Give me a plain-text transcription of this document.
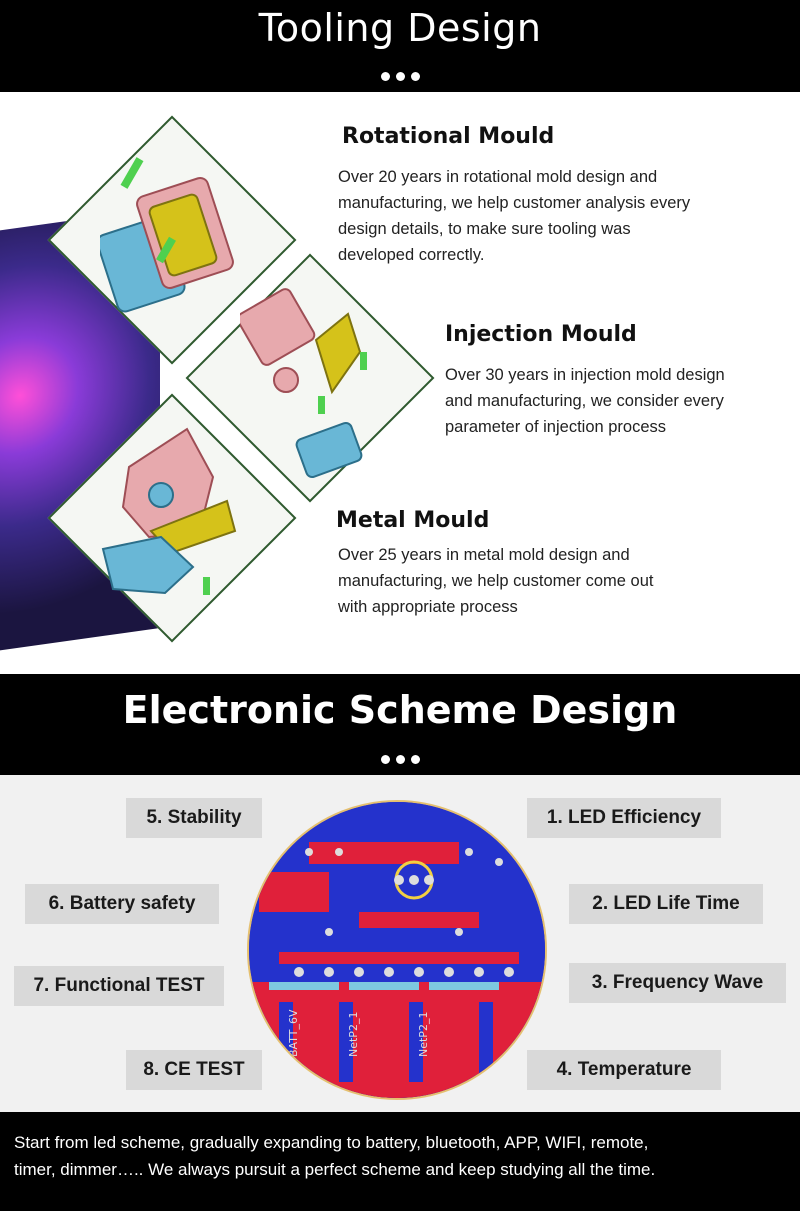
Tooling Design
Rotational Mould
Over 20 years in rotational mold design and
manufacturing, we help customer analysis every
design details, to make sure tooling was
developed correctly.
Injection Mould
Over 30 years in injection mold design
and manufacturing, we consider every
parameter of injection process
Metal Mould
Over 25 years in metal mold design and
manufacturing, we help customer come out
with appropriate process
Electronic Scheme Design
BATT_6V	NetP2_1	NetP2_1
5. Stability
6. Battery safety
7. Functional TEST
8. CE TEST
1. LED Efficiency
2. LED Life Time
3. Frequency Wave
4. Temperature
Start from led scheme, gradually expanding to battery, bluetooth, APP, WIFI, remote,
timer, dimmer….. We always pursuit a perfect scheme and keep studying all the time.
